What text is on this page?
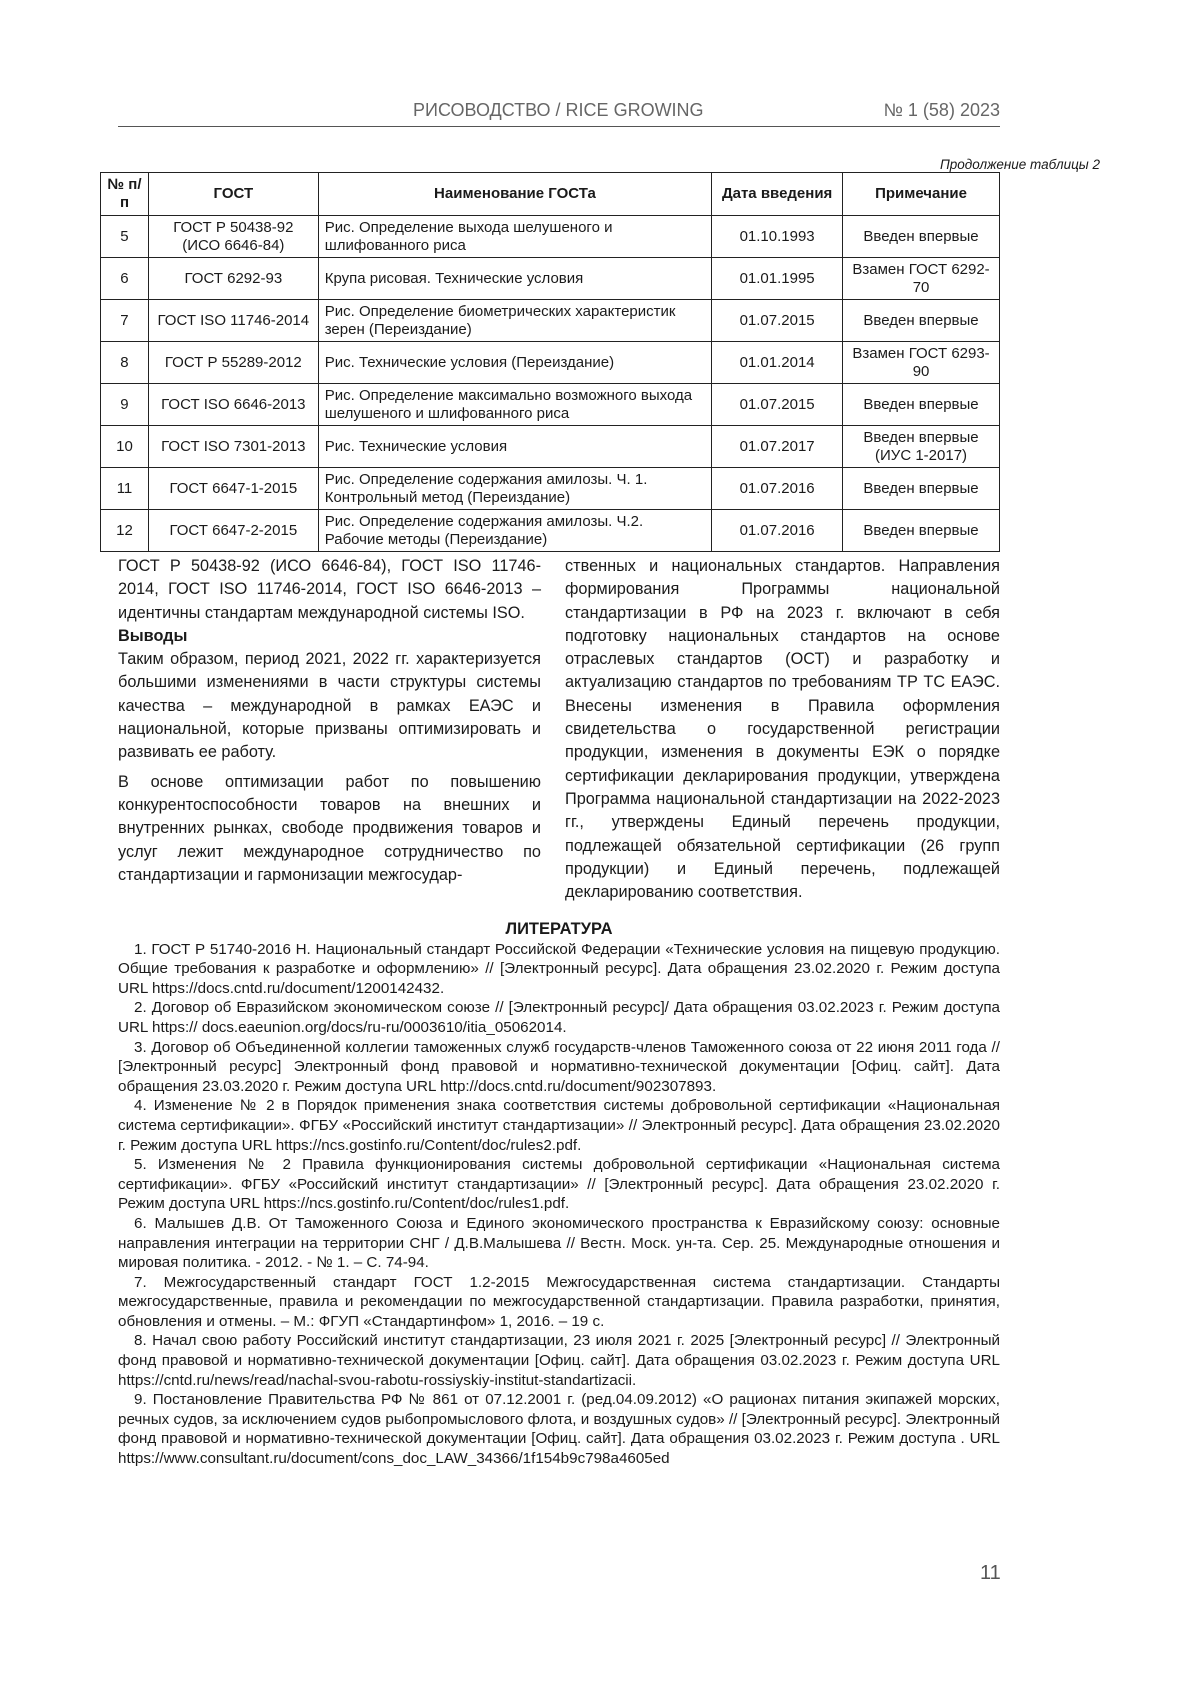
РИСОВОДСТВО / RICE GROWING	№ 1 (58) 2023
Продолжение таблицы 2
№ п/п	ГОСТ	Наименование ГОСТа	Дата введения	Примечание
5	ГОСТ Р 50438-92 (ИСО 6646-84)	Рис. Определение выхода шелушеного и шлифованного риса	01.10.1993	Введен впервые
6	ГОСТ 6292-93	Крупа рисовая. Технические условия	01.01.1995	Взамен ГОСТ 6292-70
7	ГОСТ ISO 11746-2014	Рис. Определение биометрических характеристик зерен (Переиздание)	01.07.2015	Введен впервые
8	ГОСТ Р 55289-2012	Рис. Технические условия (Переиздание)	01.01.2014	Взамен ГОСТ 6293-90
9	ГОСТ ISO 6646-2013	Рис. Определение максимально возможного выхода шелушеного и шлифованного риса	01.07.2015	Введен впервые
10	ГОСТ ISO 7301-2013	Рис. Технические условия	01.07.2017	Введен впервые (ИУС 1-2017)
11	ГОСТ 6647-1-2015	Рис. Определение содержания амилозы. Ч. 1. Контрольный метод (Переиздание)	01.07.2016	Введен впервые
12	ГОСТ 6647-2-2015	Рис. Определение содержания амилозы. Ч.2. Рабочие методы (Переиздание)	01.07.2016	Введен впервые

ГОСТ Р 50438-92 (ИСО 6646-84), ГОСТ ISO 11746-2014, ГОСТ ISO 11746-2014, ГОСТ ISO 6646-2013 – идентичны стандартам международной системы ISO.

Выводы

Таким образом, период 2021, 2022 гг. характеризуется большими изменениями в части структуры системы качества – международной в рамках ЕАЭС и национальной, которые призваны оптимизировать и развивать ее работу.

В основе оптимизации работ по повышению конкурентоспособности товаров на внешних и внутренних рынках, свободе продвижения товаров и услуг лежит международное сотрудничество по стандартизации и гармонизации межгосудар-

ственных и национальных стандартов. Направления формирования Программы национальной стандартизации в РФ на 2023 г. включают в себя подготовку национальных стандартов на основе отраслевых стандартов (ОСТ) и разработку и актуализацию стандартов по требованиям ТР ТС ЕАЭС. Внесены изменения в Правила оформления свидетельства о государственной регистрации продукции, изменения в документы ЕЭК о порядке сертификации декларирования продукции, утверждена Программа национальной стандартизации на 2022-2023 гг., утверждены Единый перечень продукции, подлежащей обязательной сертификации (26 групп продукции) и Единый перечень, подлежащей декларированию соответствия.

ЛИТЕРАТУРА

1. ГОСТ Р 51740-2016 Н. Национальный стандарт Российской Федерации «Технические условия на пищевую продукцию. Общие требования к разработке и оформлению» // [Электронный ресурс]. Дата обращения 23.02.2020 г. Режим доступа URL https://docs.cntd.ru/document/1200142432.

2. Договор об Евразийском экономическом союзе // [Электронный ресурс]/ Дата обращения 03.02.2023 г. Режим доступа URL https:// docs.eaeunion.org/docs/ru-ru/0003610/itia_05062014.

3. Договор об Объединенной коллегии таможенных служб государств-членов Таможенного союза от 22 июня 2011 года // [Электронный ресурс] Электронный фонд правовой и нормативно-технической документации [Офиц. сайт]. Дата обращения 23.03.2020 г. Режим доступа URL http://docs.cntd.ru/document/902307893.

4. Изменение № 2 в Порядок применения знака соответствия системы добровольной сертификации «Национальная система сертификации». ФГБУ «Российский институт стандартизации» // Электронный ресурс]. Дата обращения 23.02.2020 г. Режим доступа URL https://ncs.gostinfo.ru/Content/doc/rules2.pdf.

5. Изменения № 2 Правила функционирования системы добровольной сертификации «Национальная система сертификации». ФГБУ «Российский институт стандартизации» // [Электронный ресурс]. Дата обращения 23.02.2020 г. Режим доступа URL https://ncs.gostinfo.ru/Content/doc/rules1.pdf.

6. Малышев Д.В. От Таможенного Союза и Единого экономического пространства к Евразийскому союзу: основные направления интеграции на территории СНГ / Д.В.Малышева // Вестн. Моск. ун-та. Сер. 25. Международные отношения и мировая политика. - 2012. - № 1. – С. 74-94.

7. Межгосударственный стандарт ГОСТ 1.2-2015 Межгосударственная система стандартизации. Стандарты межгосударственные, правила и рекомендации по межгосударственной стандартизации. Правила разработки, принятия, обновления и отмены. – М.: ФГУП «Стандартинфом» 1, 2016. – 19 с.

8. Начал свою работу Российский институт стандартизации, 23 июля 2021 г. 2025 [Электронный ресурс] // Электронный фонд правовой и нормативно-технической документации [Офиц. сайт]. Дата обращения 03.02.2023 г. Режим доступа URL https://cntd.ru/news/read/nachal-svou-rabotu-rossiyskiy-institut-standartizacii.

9. Постановление Правительства РФ № 861 от 07.12.2001 г. (ред.04.09.2012) «О рационах питания экипажей морских, речных судов, за исключением судов рыбопромыслового флота, и воздушных судов» // [Электронный ресурс]. Электронный фонд правовой и нормативно-технической документации [Офиц. сайт]. Дата обращения 03.02.2023 г. Режим доступа . URL https://www.consultant.ru/document/cons_doc_LAW_34366/1f154b9c798a4605ed

11
